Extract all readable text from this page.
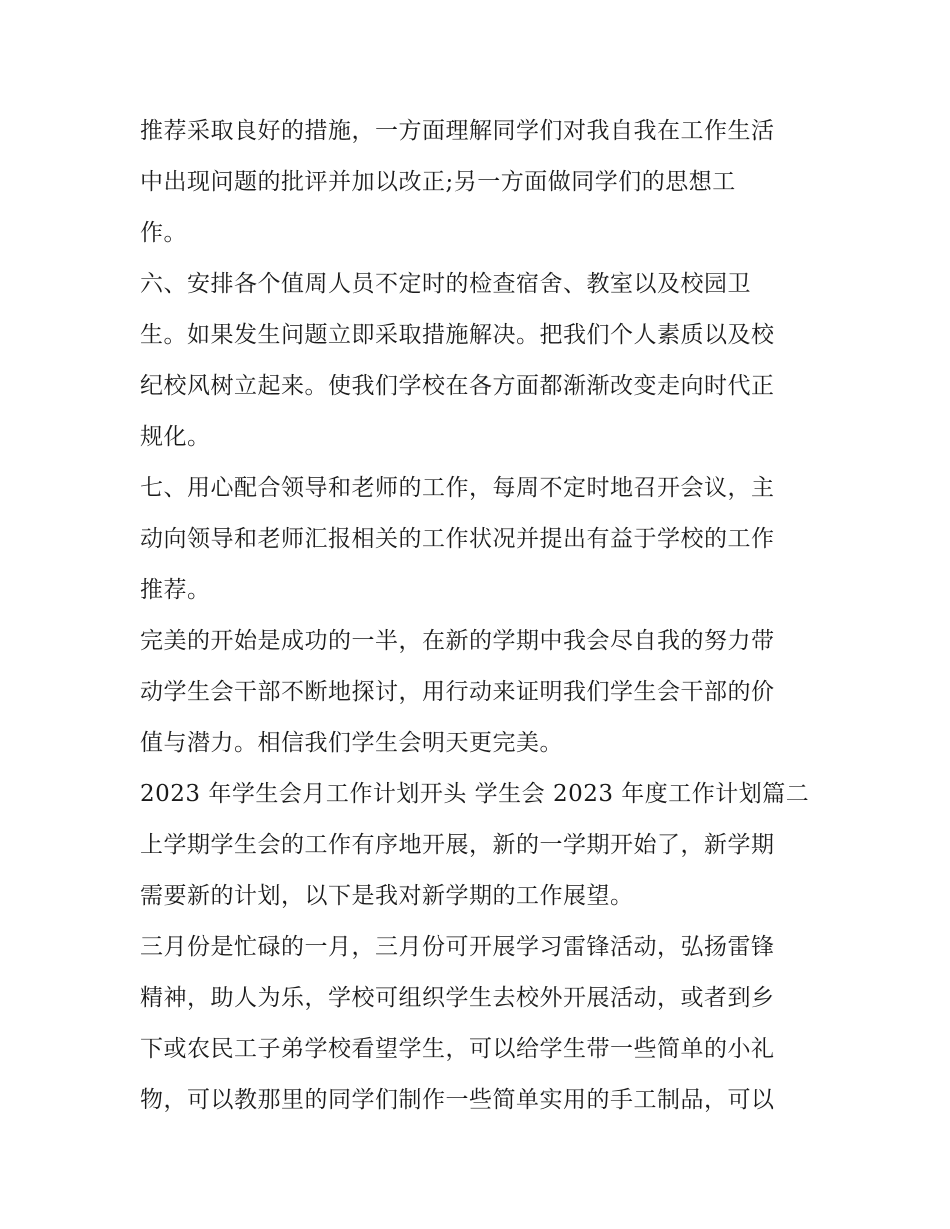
推荐采取良好的措施，一方面理解同学们对我自我在工作生活
中出现问题的批评并加以改正;另一方面做同学们的思想工
作。
六、安排各个值周人员不定时的检查宿舍、教室以及校园卫
生。如果发生问题立即采取措施解决。把我们个人素质以及校
纪校风树立起来。使我们学校在各方面都渐渐改变走向时代正
规化。
七、用心配合领导和老师的工作，每周不定时地召开会议，主
动向领导和老师汇报相关的工作状况并提出有益于学校的工作
推荐。
完美的开始是成功的一半，在新的学期中我会尽自我的努力带
动学生会干部不断地探讨，用行动来证明我们学生会干部的价
值与潜力。相信我们学生会明天更完美。
2023 年学生会月工作计划开头 学生会 2023 年度工作计划篇二
上学期学生会的工作有序地开展，新的一学期开始了，新学期
需要新的计划，以下是我对新学期的工作展望。
三月份是忙碌的一月，三月份可开展学习雷锋活动，弘扬雷锋
精神，助人为乐，学校可组织学生去校外开展活动，或者到乡
下或农民工子弟学校看望学生，可以给学生带一些简单的小礼
物，可以教那里的同学们制作一些简单实用的手工制品，可以
